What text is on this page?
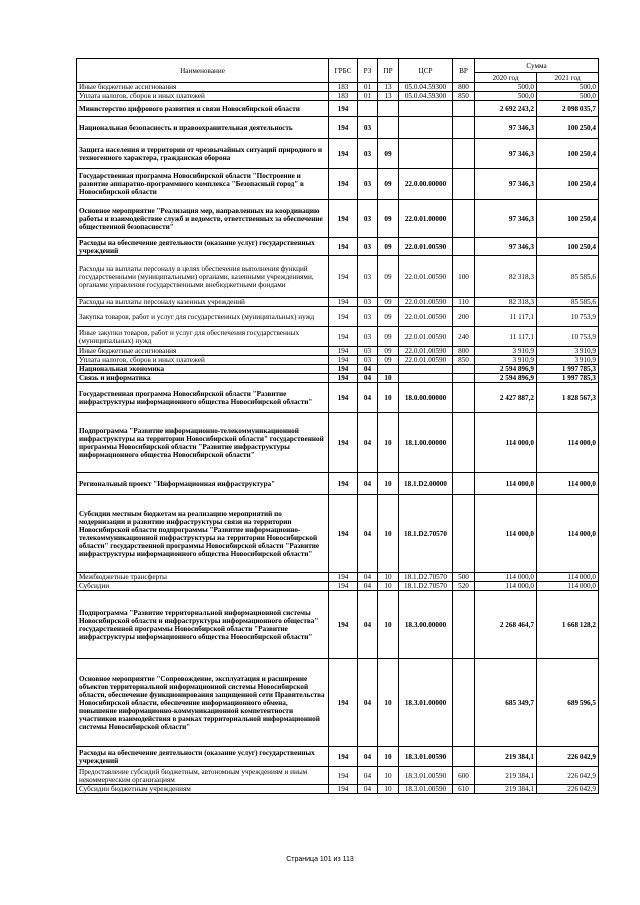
Наименование	ГРБС	РЗ	ПР	ЦСР	ВР	Сумма	
						2020 год	2021 год
Иные бюджетные ассигнования	183	01	13	05.0.04.59300	800	500,0	500,0
Уплата налогов, сборов и иных платежей	183	01	13	05.0.04.59300	850	500,0	500,0
Министерство цифрового развития и связи Новосибирской области	194					2 692 243,2	2 098 035,7
Национальная безопасность и правоохранительная деятельность	194	03				97 346,3	100 250,4
Защита населения и территории от чрезвычайных ситуаций природного и техногенного характера, гражданская оборона	194	03	09			97 346,3	100 250,4
Государственная программа Новосибирской области "Построение и развитие аппаратно-программного комплекса "Безопасный город" в Новосибирской области	194	03	09	22.0.00.00000		97 346,3	100 250,4
Основное мероприятие "Реализация мер, направленных на координацию работы и взаимодействие служб и ведомств, ответственных за обеспечение общественной безопасности"	194	03	09	22.0.01.00000		97 346,3	100 250,4
Расходы на обеспечение деятельности (оказание услуг) государственных учреждений	194	03	09	22.0.01.00590		97 346,3	100 250,4
Расходы на выплаты персоналу в целях обеспечения выполнения функций государственными (муниципальными) органами, казенными учреждениями, органами управления государственными внебюджетными фондами	194	03	09	22.0.01.00590	100	82 318,3	85 585,6
Расходы на выплаты персоналу казенных учреждений	194	03	09	22.0.01.00590	110	82 318,3	85 585,6
Закупка товаров, работ и услуг для государственных (муниципальных) нужд	194	03	09	22.0.01.00590	200	11 117,1	10 753,9
Иные закупки товаров, работ и услуг для обеспечения государственных (муниципальных) нужд	194	03	09	22.0.01.00590	240	11 117,1	10 753,9
Иные бюджетные ассигнования	194	03	09	22.0.01.00590	800	3 910,9	3 910,9
Уплата налогов, сборов и иных платежей	194	03	09	22.0.01.00590	850	3 910,9	3 910,9
Национальная экономика	194	04				2 594 896,9	1 997 785,3
Связь и информатика	194	04	10			2 594 896,9	1 997 785,3
Государственная программа Новосибирской области "Развитие инфраструктуры информационного общества Новосибирской области"	194	04	10	18.0.00.00000		2 427 887,2	1 828 567,3
Подпрограмма "Развитие информационно-телекоммуникационной инфраструктуры на территории Новосибирской области" государственной программы Новосибирской области "Развитие инфраструктуры информационного общества Новосибирской области"	194	04	10	18.1.00.00000		114 000,0	114 000,0
Региональный проект "Информационная инфраструктура"	194	04	10	18.1.D2.00000		114 000,0	114 000,0
Субсидии местным бюджетам на реализацию мероприятий по модернизации и развитию инфраструктуры связи на территории Новосибирской области подпрограммы "Развитие информационно-телекоммуникационной инфраструктуры на территории Новосибирской области" государственной программы Новосибирской области "Развитие инфраструктуры информационного общества Новосибирской области"	194	04	10	18.1.D2.70570		114 000,0	114 000,0
Межбюджетные трансферты	194	04	10	18.1.D2.70570	500	114 000,0	114 000,0
Субсидии	194	04	10	18.1.D2.70570	520	114 000,0	114 000,0
Подпрограмма "Развитие территориальной информационной системы Новосибирской области и инфраструктуры информационного общества" государственной программы Новосибирской области "Развитие инфраструктуры информационного общества Новосибирской области"	194	04	10	18.3.00.00000		2 268 464,7	1 668 128,2
Основное мероприятие "Сопровождение, эксплуатация и расширение объектов территориальной информационной системы Новосибирской области, обеспечение функционирования защищенной сети Правительства Новосибирской области, обеспечение информационного обмена, повышение информационно-коммуникационной компетентности участников взаимодействия в рамках территориальной информационной системы Новосибирской области"	194	04	10	18.3.01.00000		685 349,7	689 596,5
Расходы на обеспечение деятельности (оказание услуг) государственных учреждений	194	04	10	18.3.01.00590		219 384,1	226 042,9
Предоставление субсидий бюджетным, автономным учреждениям и иным некоммерческим организациям	194	04	10	18.3.01.00590	600	219 384,1	226 042,9
Субсидии бюджетным учреждениям	194	04	10	18.3.01.00590	610	219 384,1	226 042,9
Страница 101 из 113
